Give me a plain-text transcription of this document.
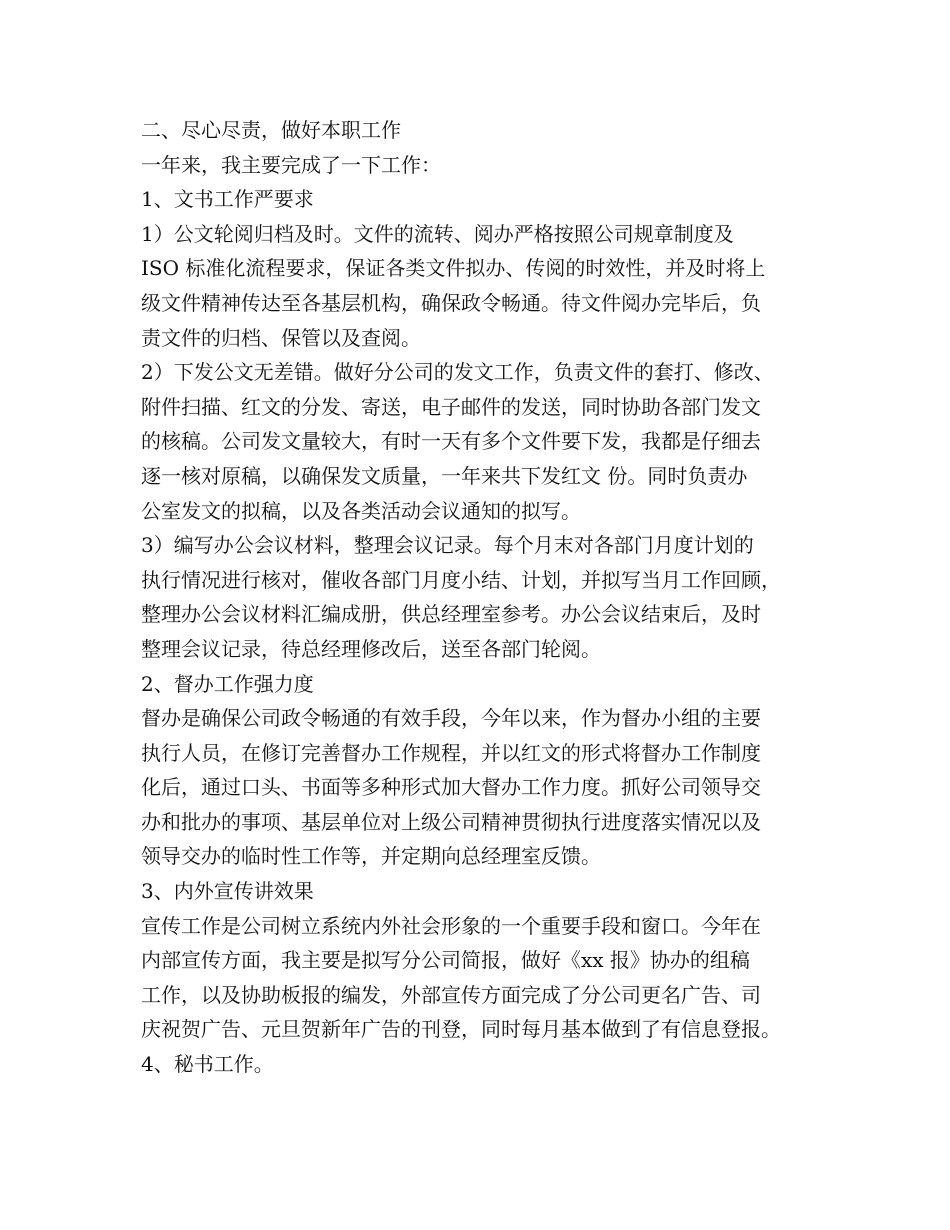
二、尽心尽责，做好本职工作
一年来，我主要完成了一下工作：
1、文书工作严要求
1）公文轮阅归档及时。文件的流转、阅办严格按照公司规章制度及
ISO 标准化流程要求，保证各类文件拟办、传阅的时效性，并及时将上
级文件精神传达至各基层机构，确保政令畅通。待文件阅办完毕后，负
责文件的归档、保管以及查阅。
2）下发公文无差错。做好分公司的发文工作，负责文件的套打、修改、
附件扫描、红文的分发、寄送，电子邮件的发送，同时协助各部门发文
的核稿。公司发文量较大，有时一天有多个文件要下发，我都是仔细去
逐一核对原稿，以确保发文质量，一年来共下发红文 份。同时负责办
公室发文的拟稿，以及各类活动会议通知的拟写。
3）编写办公会议材料，整理会议记录。每个月末对各部门月度计划的
执行情况进行核对，催收各部门月度小结、计划，并拟写当月工作回顾，
整理办公会议材料汇编成册，供总经理室参考。办公会议结束后，及时
整理会议记录，待总经理修改后，送至各部门轮阅。
2、督办工作强力度
督办是确保公司政令畅通的有效手段，今年以来，作为督办小组的主要
执行人员，在修订完善督办工作规程，并以红文的形式将督办工作制度
化后，通过口头、书面等多种形式加大督办工作力度。抓好公司领导交
办和批办的事项、基层单位对上级公司精神贯彻执行进度落实情况以及
领导交办的临时性工作等，并定期向总经理室反馈。
3、内外宣传讲效果
宣传工作是公司树立系统内外社会形象的一个重要手段和窗口。今年在
内部宣传方面，我主要是拟写分公司简报，做好《xx 报》协办的组稿
工作，以及协助板报的编发，外部宣传方面完成了分公司更名广告、司
庆祝贺广告、元旦贺新年广告的刊登，同时每月基本做到了有信息登报。
4、秘书工作。
